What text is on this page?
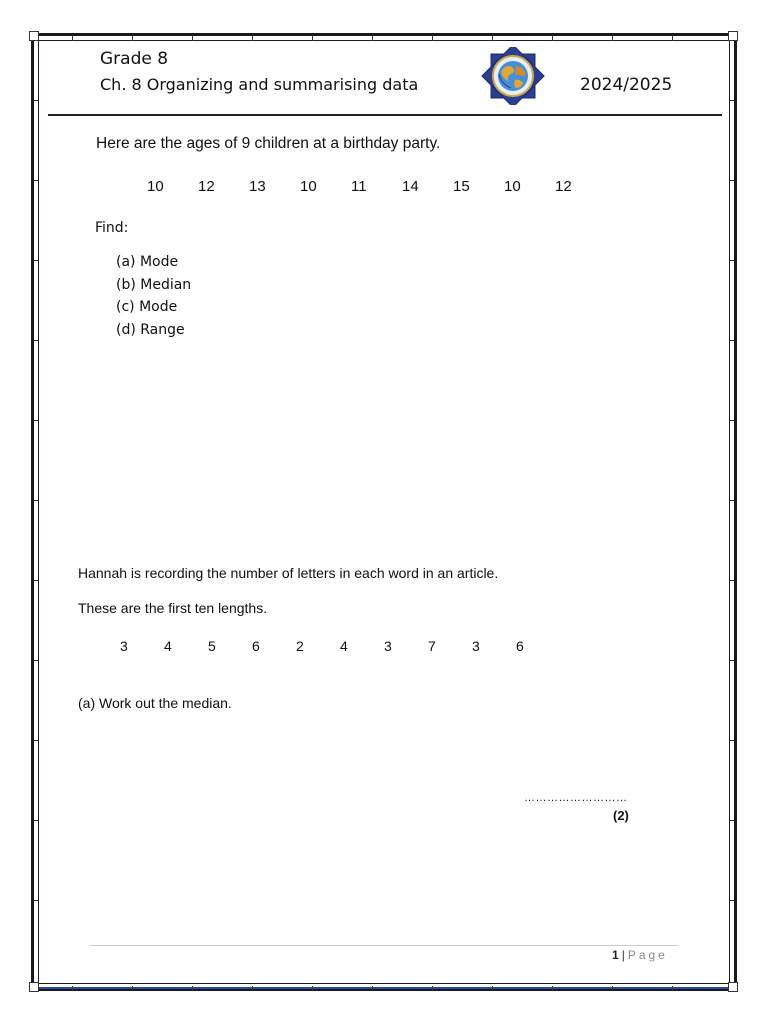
Grade 8
Ch. 8 Organizing and summarising data	2024/2025
Here are the ages of 9 children at a birthday party.
10	12	13	10	11	14	15	10	12
Find:
(a) Mode
(b) Median
(c) Mode
(d) Range
Hannah is recording the number of letters in each word in an article.
These are the first ten lengths.
3	4	5	6	2	4	3	7	3	6
(a) Work out the median.
………………………
(2)
1 | Page
